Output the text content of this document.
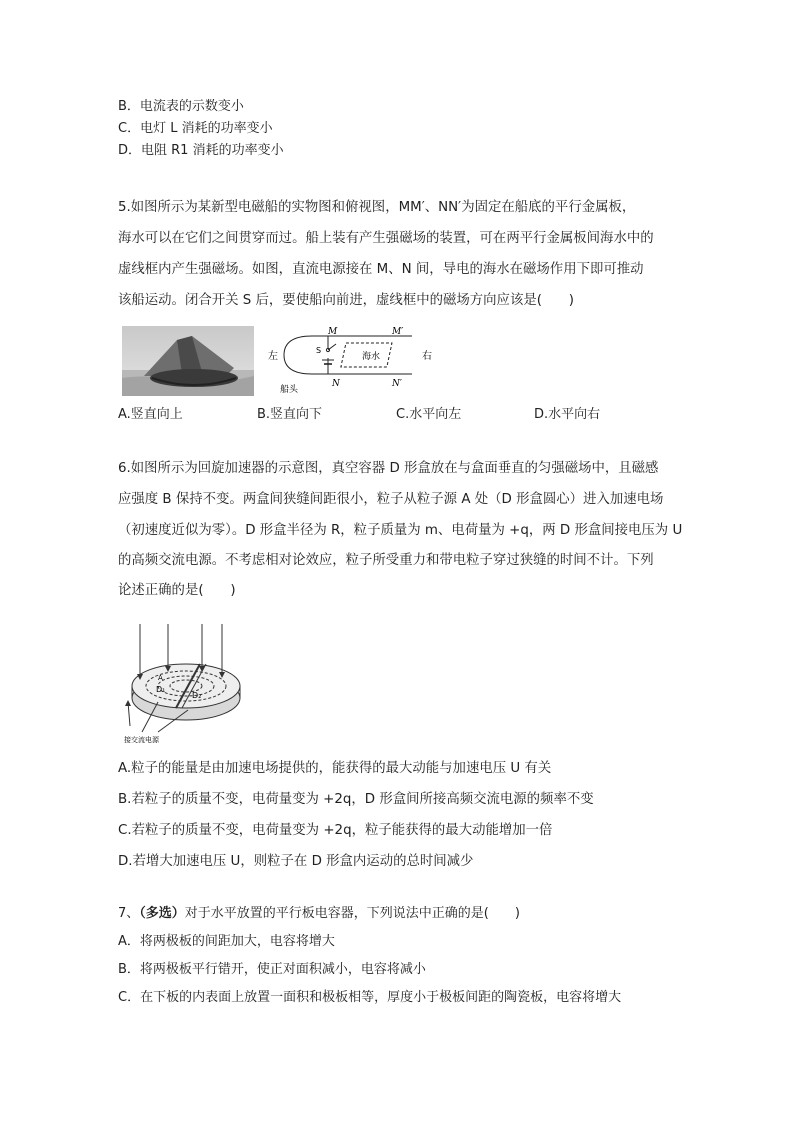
B．电流表的示数变小
C．电灯 L 消耗的功率变小
D．电阻 R1 消耗的功率变小
5.如图所示为某新型电磁船的实物图和俯视图，MM′、NN′为固定在船底的平行金属板，
海水可以在它们之间贯穿而过。船上装有产生强磁场的装置，可在两平行金属板间海水中的
虚线框内产生强磁场。如图，直流电源接在 M、N 间，导电的海水在磁场作用下即可推动
该船运动。闭合开关 S 后，要使船向前进，虚线框中的磁场方向应该是(　　)
M	M′
N	N′
S
海水
左	右
船头
A.竖直向上	B.竖直向下	C.水平向左	D.水平向右
6.如图所示为回旋加速器的示意图，真空容器 D 形盒放在与盒面垂直的匀强磁场中，且磁感
应强度 B 保持不变。两盒间狭缝间距很小，粒子从粒子源 A 处（D 形盒圆心）进入加速电场
（初速度近似为零）。D 形盒半径为 R，粒子质量为 m、电荷量为 +q，两 D 形盒间接电压为 U
的高频交流电源。不考虑相对论效应，粒子所受重力和带电粒子穿过狭缝的时间不计。下列
论述正确的是(　　)
A
D₁
D₂
接交流电源
A.粒子的能量是由加速电场提供的，能获得的最大动能与加速电压 U 有关
B.若粒子的质量不变，电荷量变为 +2q，D 形盒间所接高频交流电源的频率不变
C.若粒子的质量不变，电荷量变为 +2q，粒子能获得的最大动能增加一倍
D.若增大加速电压 U，则粒子在 D 形盒内运动的总时间减少
7、（多选）对于水平放置的平行板电容器，下列说法中正确的是(　　)
A．将两极板的间距加大，电容将增大
B．将两极板平行错开，使正对面积减小，电容将减小
C．在下板的内表面上放置一面积和极板相等，厚度小于极板间距的陶瓷板，电容将增大
